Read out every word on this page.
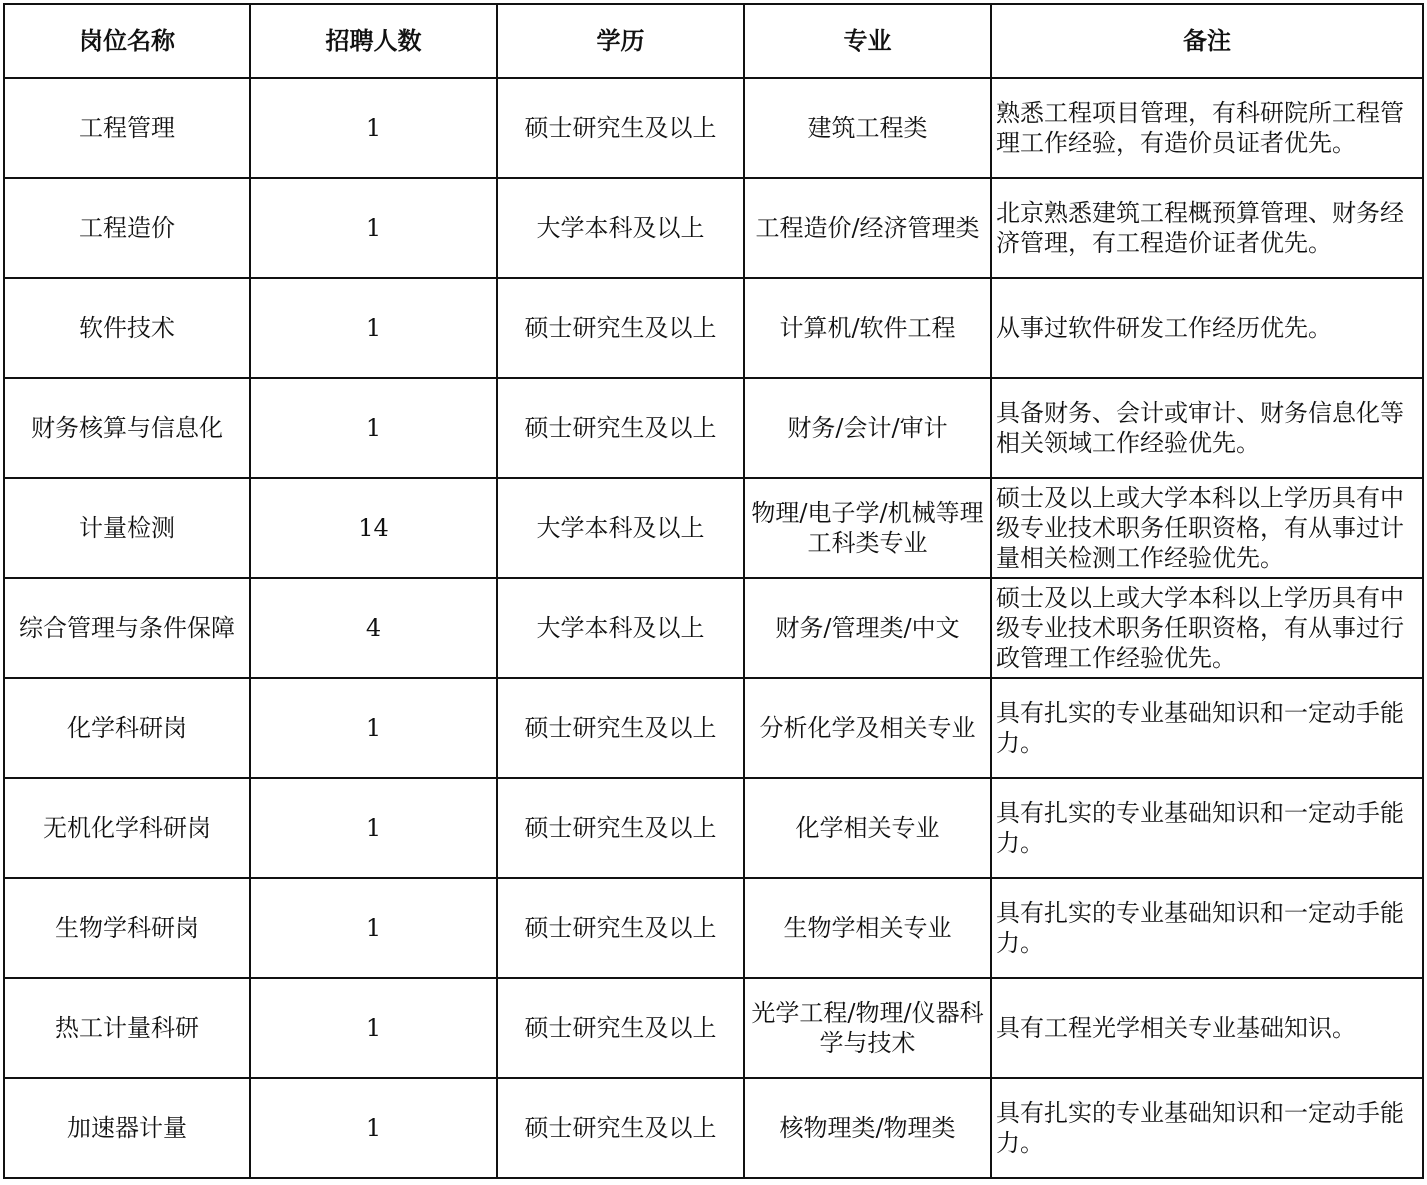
岗位名称	招聘人数	学历	专业	备注
工程管理	1	硕士研究生及以上	建筑工程类	熟悉工程项目管理，有科研院所工程管理工作经验，有造价员证者优先。
工程造价	1	大学本科及以上	工程造价/经济管理类	北京熟悉建筑工程概预算管理、财务经济管理，有工程造价证者优先。
软件技术	1	硕士研究生及以上	计算机/软件工程	从事过软件研发工作经历优先。
财务核算与信息化	1	硕士研究生及以上	财务/会计/审计	具备财务、会计或审计、财务信息化等相关领域工作经验优先。
计量检测	14	大学本科及以上	物理/电子学/机械等理工科类专业	硕士及以上或大学本科以上学历具有中级专业技术职务任职资格，有从事过计量相关检测工作经验优先。
综合管理与条件保障	4	大学本科及以上	财务/管理类/中文	硕士及以上或大学本科以上学历具有中级专业技术职务任职资格，有从事过行政管理工作经验优先。
化学科研岗	1	硕士研究生及以上	分析化学及相关专业	具有扎实的专业基础知识和一定动手能力。
无机化学科研岗	1	硕士研究生及以上	化学相关专业	具有扎实的专业基础知识和一定动手能力。
生物学科研岗	1	硕士研究生及以上	生物学相关专业	具有扎实的专业基础知识和一定动手能力。
热工计量科研	1	硕士研究生及以上	光学工程/物理/仪器科学与技术	具有工程光学相关专业基础知识。
加速器计量	1	硕士研究生及以上	核物理类/物理类	具有扎实的专业基础知识和一定动手能力。
